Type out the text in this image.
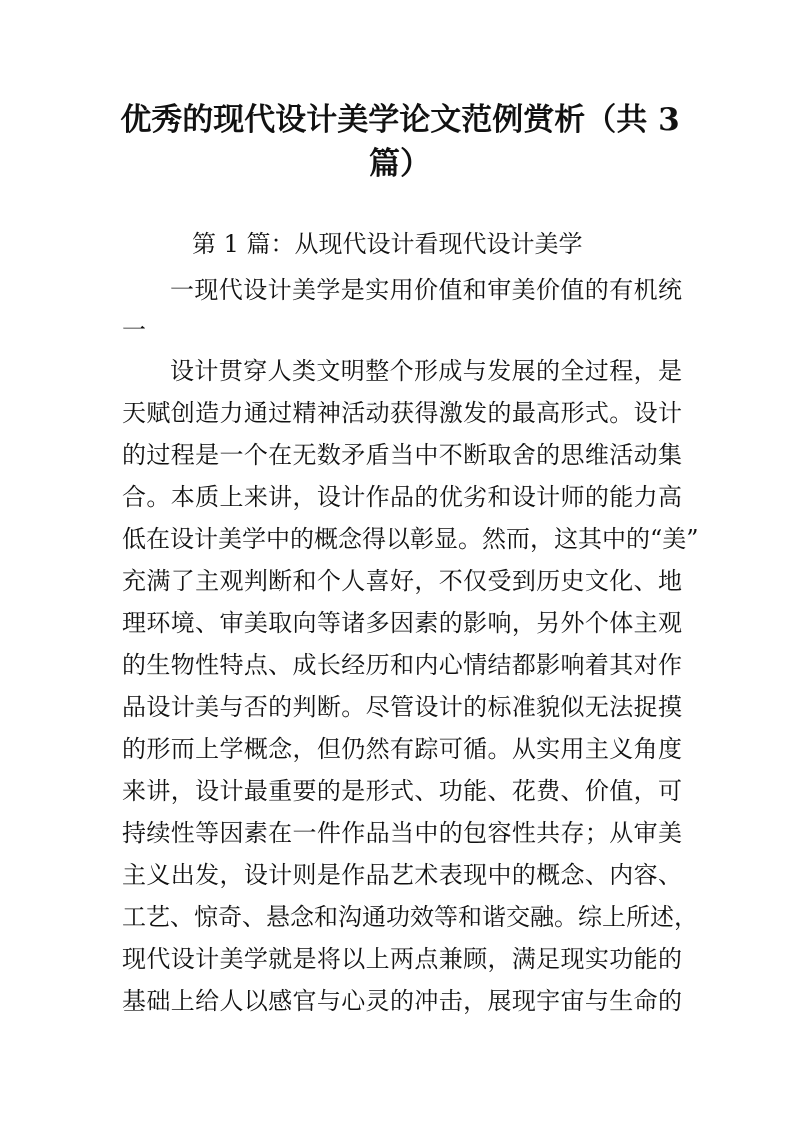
优秀的现代设计美学论文范例赏析（共 3
篇）

第 1 篇：从现代设计看现代设计美学

一现代设计美学是实用价值和审美价值的有机统

一

设计贯穿人类文明整个形成与发展的全过程，是

天赋创造力通过精神活动获得激发的最高形式。设计

的过程是一个在无数矛盾当中不断取舍的思维活动集

合。本质上来讲，设计作品的优劣和设计师的能力高

低在设计美学中的概念得以彰显。然而，这其中的“美”

充满了主观判断和个人喜好，不仅受到历史文化、地

理环境、审美取向等诸多因素的影响，另外个体主观

的生物性特点、成长经历和内心情结都影响着其对作

品设计美与否的判断。尽管设计的标准貌似无法捉摸

的形而上学概念，但仍然有踪可循。从实用主义角度

来讲，设计最重要的是形式、功能、花费、价值，可

持续性等因素在一件作品当中的包容性共存；从审美

主义出发，设计则是作品艺术表现中的概念、内容、

工艺、惊奇、悬念和沟通功效等和谐交融。综上所述，

现代设计美学就是将以上两点兼顾，满足现实功能的

基础上给人以感官与心灵的冲击，展现宇宙与生命的
